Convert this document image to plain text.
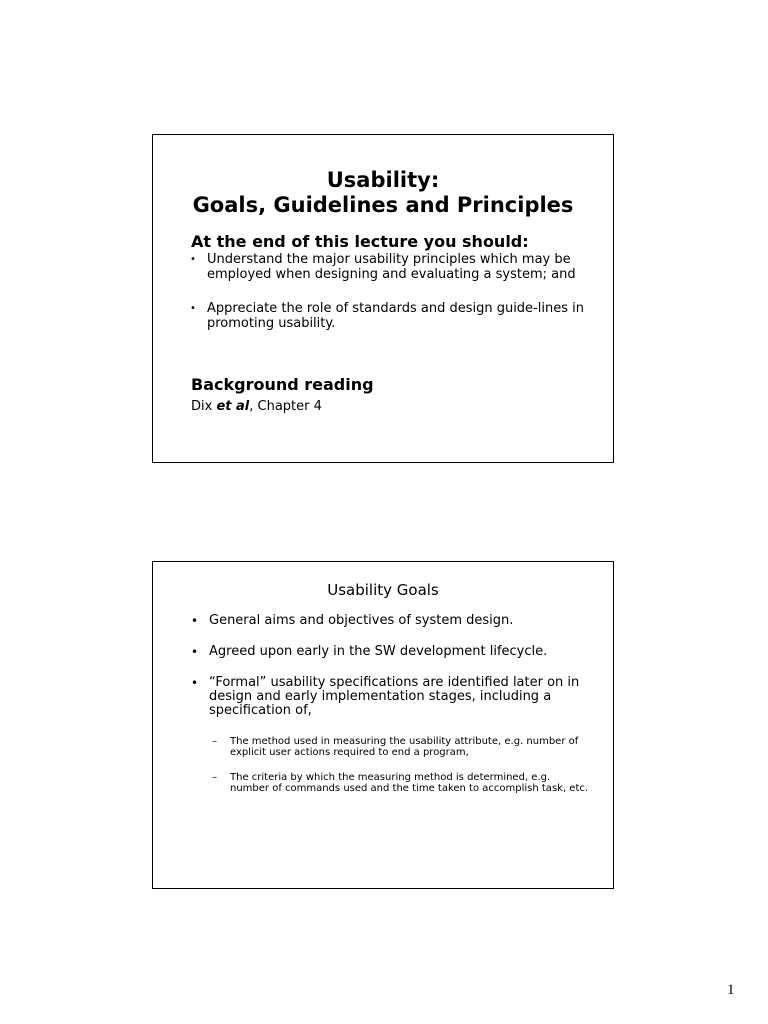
Usability:
Goals, Guidelines and Principles
At the end of this lecture you should:
• Understand the major usability principles which may be employed when designing and evaluating a system; and
• Appreciate the role of standards and design guide-lines in promoting usability.
Background reading
Dix et al, Chapter 4
Usability Goals
• General aims and objectives of system design.
• Agreed upon early in the SW development lifecycle.
• “Formal” usability specifications are identified later on in design and early implementation stages, including a specification of,
– The method used in measuring the usability attribute, e.g. number of explicit user actions required to end a program,
– The criteria by which the measuring method is determined, e.g. number of commands used and the time taken to accomplish task, etc.
1
